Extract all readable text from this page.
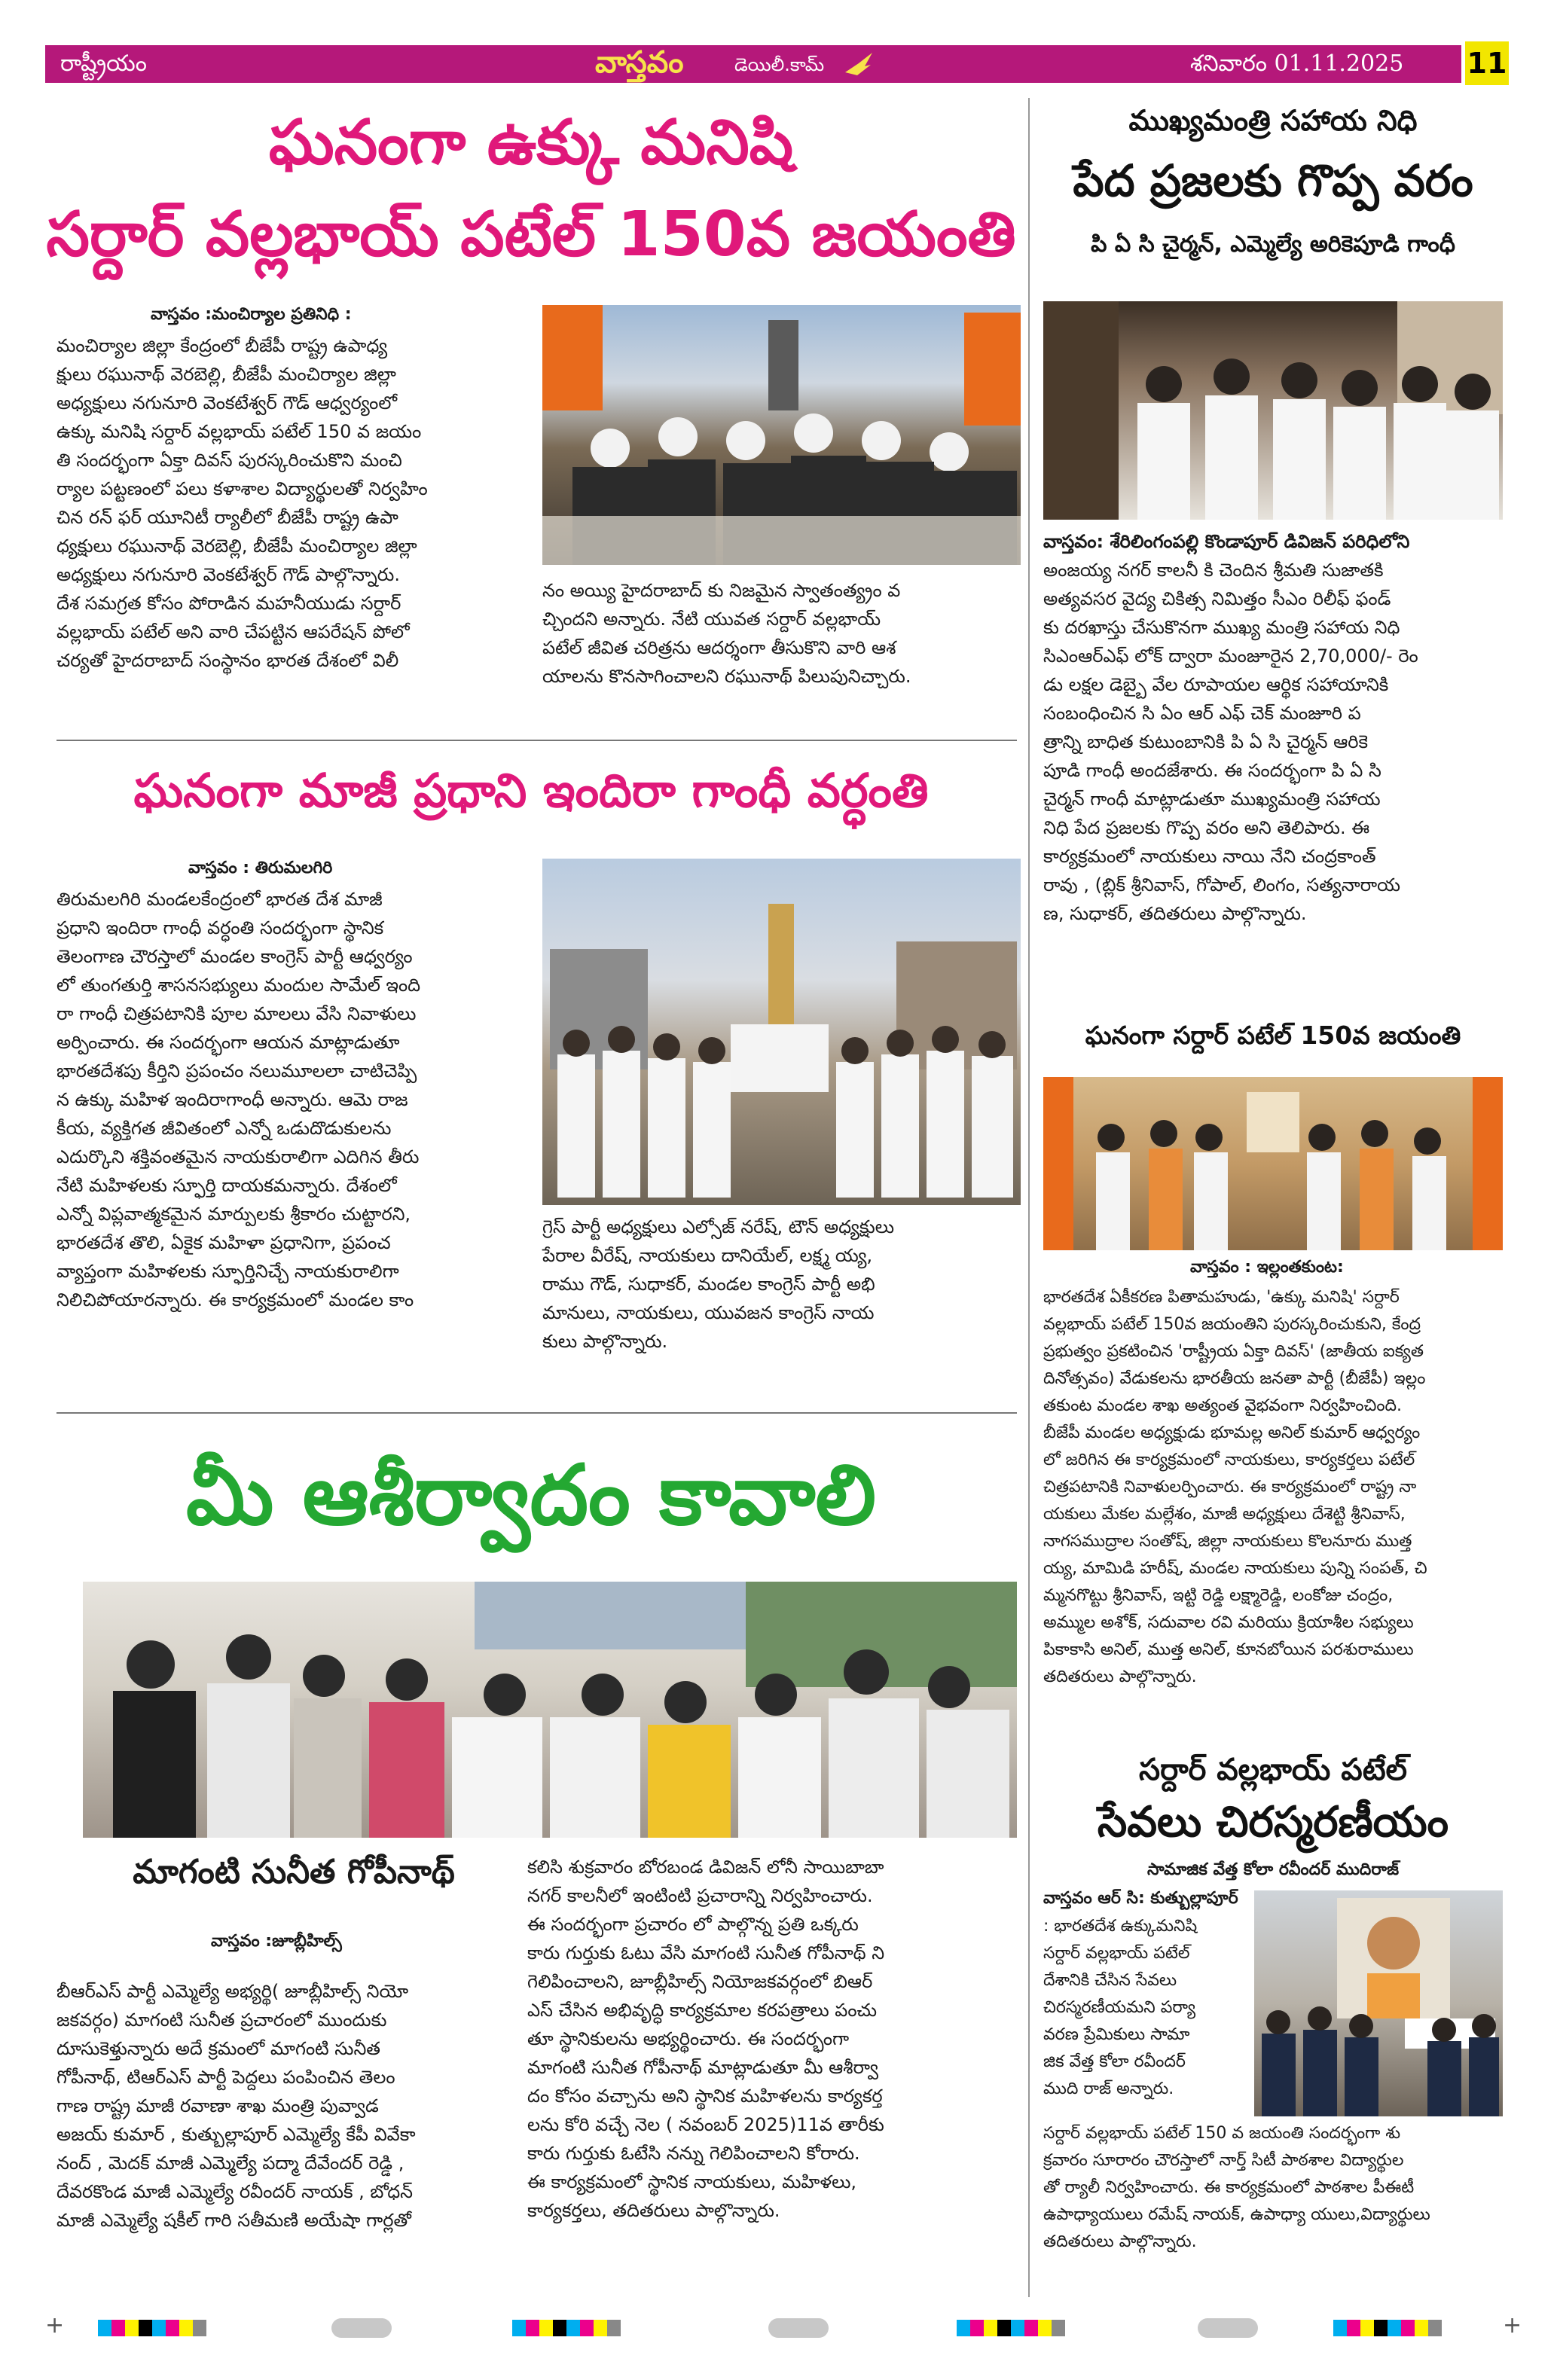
రాష్ట్రీయం	వాస్తవం	డెయిలీ.కామ్	శనివారం 01.11.2025 11
ఘనంగా ఉక్కు మనిషి
సర్దార్ వల్లభాయ్ పటేల్ 150వ జయంతి
వాస్తవం :మంచిర్యాల ప్రతినిధి :
మంచిర్యాల జిల్లా కేంద్రంలో బీజేపీ రాష్ట్ర ఉపాధ్య
క్షులు రఘునాథ్ వెరబెల్లి, బీజేపీ మంచిర్యాల జిల్లా
అధ్యక్షులు నగునూరి వెంకటేశ్వర్ గౌడ్ ఆధ్వర్యంలో
ఉక్కు మనిషి సర్దార్ వల్లభాయ్ పటేల్ 150 వ జయం
తి సందర్భంగా ఏక్తా దివస్ పురస్కరించుకొని మంచి
ర్యాల పట్టణంలో పలు కళాశాల విద్యార్థులతో నిర్వహిం
చిన రన్ ఫర్ యూనిటీ ర్యాలీలో బీజేపీ రాష్ట్ర ఉపా
ధ్యక్షులు రఘునాథ్ వెరబెల్లి, బీజేపీ మంచిర్యాల జిల్లా
అధ్యక్షులు నగునూరి వెంకటేశ్వర్ గౌడ్ పాల్గొన్నారు.
దేశ సమగ్రత కోసం పోరాడిన మహనీయుడు సర్దార్
వల్లభాయ్ పటేల్ అని వారి చేపట్టిన ఆపరేషన్ పోలో
చర్యతో హైదరాబాద్ సంస్థానం భారత దేశంలో విలీ
నం అయ్యి హైదరాబాద్ కు నిజమైన స్వాతంత్య్రం వ
చ్చిందని అన్నారు. నేటి యువత సర్దార్ వల్లభాయ్
పటేల్ జీవిత చరిత్రను ఆదర్శంగా తీసుకొని వారి ఆశ
యాలను కొనసాగించాలని రఘునాథ్ పిలుపునిచ్చారు.
ఘనంగా మాజీ ప్రధాని ఇందిరా గాంధీ వర్ధంతి
వాస్తవం : తిరుమలగిరి
తిరుమలగిరి మండలకేంద్రంలో భారత దేశ మాజీ
ప్రధాని ఇందిరా గాంధీ వర్ధంతి సందర్భంగా స్థానిక
తెలంగాణ చౌరస్తాలో మండల కాంగ్రెస్ పార్టీ ఆధ్వర్యం
లో తుంగతుర్తి శాసనసభ్యులు మందుల సామేల్ ఇంది
రా గాంధీ చిత్రపటానికి పూల మాలలు వేసి నివాళులు
అర్పించారు. ఈ సందర్భంగా ఆయన మాట్లాడుతూ
భారతదేశపు కీర్తిని ప్రపంచం నలుమూలలా చాటిచెప్పి
న ఉక్కు మహిళ ఇందిరాగాంధీ అన్నారు. ఆమె రాజ
కీయ, వ్యక్తిగత జీవితంలో ఎన్నో ఒడుదొడుకులను
ఎదుర్కొని శక్తివంతమైన నాయకురాలిగా ఎదిగిన తీరు
నేటి మహిళలకు స్ఫూర్తి దాయకమన్నారు. దేశంలో
ఎన్నో విప్లవాత్మకమైన మార్పులకు శ్రీకారం చుట్టారని,
భారతదేశ తొలి, ఏకైక మహిళా ప్రధానిగా, ప్రపంచ
వ్యాప్తంగా మహిళలకు స్ఫూర్తినిచ్చే నాయకురాలిగా
నిలిచిపోయారన్నారు. ఈ కార్యక్రమంలో మండల కాం
గ్రెస్ పార్టీ అధ్యక్షులు ఎల్సోజ్ నరేష్, టౌన్ అధ్యక్షులు
పేరాల వీరేష్, నాయకులు దానియేల్, లక్ష్మ య్య,
రాము గౌడ్, సుధాకర్, మండల కాంగ్రెస్ పార్టీ అభి
మానులు, నాయకులు, యువజన కాంగ్రెస్ నాయ
కులు పాల్గొన్నారు.
మీ ఆశీర్వాదం కావాలి
మాగంటి సునీత గోపీనాథ్
వాస్తవం :జూబ్లీహిల్స్
బీఆర్ఎస్ పార్టీ ఎమ్మెల్యే అభ్యర్థి( జూబ్లీహిల్స్ నియో
జకవర్గం) మాగంటి సునీత ప్రచారంలో ముందుకు
దూసుకెళ్తున్నారు అదే క్రమంలో మాగంటి సునీత
గోపీనాథ్, టిఆర్ఎస్ పార్టీ పెద్దలు పంపించిన తెలం
గాణ రాష్ట్ర మాజీ రవాణా శాఖ మంత్రి పువ్వాడ
అజయ్ కుమార్ , కుత్బుల్లాపూర్ ఎమ్మెల్యే కేపీ వివేకా
నంద్ , మెదక్ మాజీ ఎమ్మెల్యే పద్మా దేవేందర్ రెడ్డి ,
దేవరకొండ మాజీ ఎమ్మెల్యే రవీందర్ నాయక్ , బోధన్
మాజీ ఎమ్మెల్యే షకీల్ గారి సతీమణి అయేషా గార్లతో
కలిసి శుక్రవారం బోరబండ డివిజన్ లోనీ సాయిబాబా
నగర్ కాలనీలో ఇంటింటి ప్రచారాన్ని నిర్వహించారు.
ఈ సందర్భంగా ప్రచారం లో పాల్గొన్న ప్రతి ఒక్కరు
కారు గుర్తుకు ఓటు వేసి మాగంటి సునీత గోపీనాథ్ ని
గెలిపించాలని, జూబ్లీహిల్స్ నియోజకవర్గంలో బిఆర్
ఎస్ చేసిన అభివృద్ధి కార్యక్రమాల కరపత్రాలు పంచు
తూ స్థానికులను అభ్యర్థించారు. ఈ సందర్భంగా
మాగంటి సునీత గోపీనాథ్ మాట్లాడుతూ మీ ఆశీర్వా
దం కోసం వచ్చాను అని స్థానిక మహిళలను కార్యకర్త
లను కోరి వచ్చే నెల ( నవంబర్ 2025)11వ తారీకు
కారు గుర్తుకు ఓటేసి నన్ను గెలిపించాలని కోరారు.
ఈ కార్యక్రమంలో స్థానిక నాయకులు, మహిళలు,
కార్యకర్తలు, తదితరులు పాల్గొన్నారు.
ముఖ్యమంత్రి సహాయ నిధి
పేద ప్రజలకు గొప్ప వరం
పి ఏ సి చైర్మన్, ఎమ్మెల్యే అరికెపూడి గాంధీ
వాస్తవం: శేరిలింగంపల్లి కొండాపూర్ డివిజన్ పరిధిలోని
అంజయ్య నగర్ కాలనీ కి చెందిన శ్రీమతి సుజాతకి
అత్యవసర వైద్య చికిత్స నిమిత్తం సీఎం రిలీఫ్ ఫండ్
కు దరఖాస్తు చేసుకొనగా ముఖ్య మంత్రి సహాయ నిధి
సిఎంఆర్ఎఫ్ లోక్ ద్వారా మంజూరైన 2,70,000/- రెం
డు లక్షల డెబ్బై వేల రూపాయల ఆర్థిక సహాయానికి
సంబంధించిన సి ఏం ఆర్ ఎఫ్ చెక్ మంజూరి ప
త్రాన్ని బాధిత కుటుంబానికి పి ఏ సి చైర్మన్ ఆరికె
పూడి గాంధీ అందజేశారు. ఈ సందర్భంగా పి ఏ సి
చైర్మన్ గాంధీ మాట్లాడుతూ ముఖ్యమంత్రి సహాయ
నిధి పేద ప్రజలకు గొప్ప వరం అని తెలిపారు. ఈ
కార్యక్రమంలో నాయకులు నాయి నేని చంద్రకాంత్
రావు , (బ్లిక్ శ్రీనివాస్, గోపాల్, లింగం, సత్యనారాయ
ణ, సుధాకర్, తదితరులు పాల్గొన్నారు.
ఘనంగా సర్దార్ పటేల్ 150వ జయంతి
వాస్తవం : ఇల్లంతకుంట:
భారతదేశ ఏకీకరణ పితామహుడు, 'ఉక్కు మనిషి' సర్దార్
వల్లభాయ్ పటేల్ 150వ జయంతిని పురస్కరించుకుని, కేంద్ర
ప్రభుత్వం ప్రకటించిన 'రాష్ట్రీయ ఏక్తా దివస్' (జాతీయ ఐక్యత
దినోత్సవం) వేడుకలను భారతీయ జనతా పార్టీ (బీజేపీ) ఇల్లం
తకుంట మండల శాఖ అత్యంత వైభవంగా నిర్వహించింది.
బీజేపీ మండల అధ్యక్షుడు భూమల్ల అనిల్ కుమార్ ఆధ్వర్యం
లో జరిగిన ఈ కార్యక్రమంలో నాయకులు, కార్యకర్తలు పటేల్
చిత్రపటానికి నివాళులర్పించారు. ఈ కార్యక్రమంలో రాష్ట్ర నా
యకులు మేకల మల్లేశం, మాజీ అధ్యక్షులు దేశెట్టి శ్రీనివాస్,
నాగసముద్రాల సంతోష్, జిల్లా నాయకులు కొలనూరు ముత్త
య్య, మామిడి హరీష్, మండల నాయకులు పున్ని సంపత్, చి
మ్మనగొట్టు శ్రీనివాస్, ఇట్టి రెడ్డి లక్ష్మారెడ్డి, లంకోజు చంద్రం,
అమ్ముల అశోక్, సదువాల రవి మరియు క్రియాశీల సభ్యులు
పికాకాసి అనిల్, ముత్త అనిల్, కూనబోయిన పరశురాములు
తదితరులు పాల్గొన్నారు.
సర్దార్ వల్లభాయ్ పటేల్
సేవలు చిరస్మరణీయం
సామాజిక వేత్త కోలా రవీందర్ ముదిరాజ్
వాస్తవం ఆర్ సి: కుత్బుల్లాపూర్
: భారతదేశ ఉక్కుమనిషి
సర్దార్ వల్లభాయ్ పటేల్
దేశానికి చేసిన సేవలు
చిరస్మరణీయమని పర్యా
వరణ ప్రేమికులు సామా
జిక వేత్త కోలా రవీందర్
ముది రాజ్ అన్నారు.
సర్దార్ వల్లభాయ్ పటేల్ 150 వ జయంతి సందర్భంగా శు
క్రవారం సూరారం చౌరస్తాలో నార్త్ సిటీ పాఠశాల విద్యార్థుల
తో ర్యాలీ నిర్వహించారు. ఈ కార్యక్రమంలో పాఠశాల పీఈటీ
ఉపాధ్యాయులు రమేష్ నాయక్, ఉపాధ్యా యులు,విద్యార్థులు
తదితరులు పాల్గొన్నారు.
+	+
